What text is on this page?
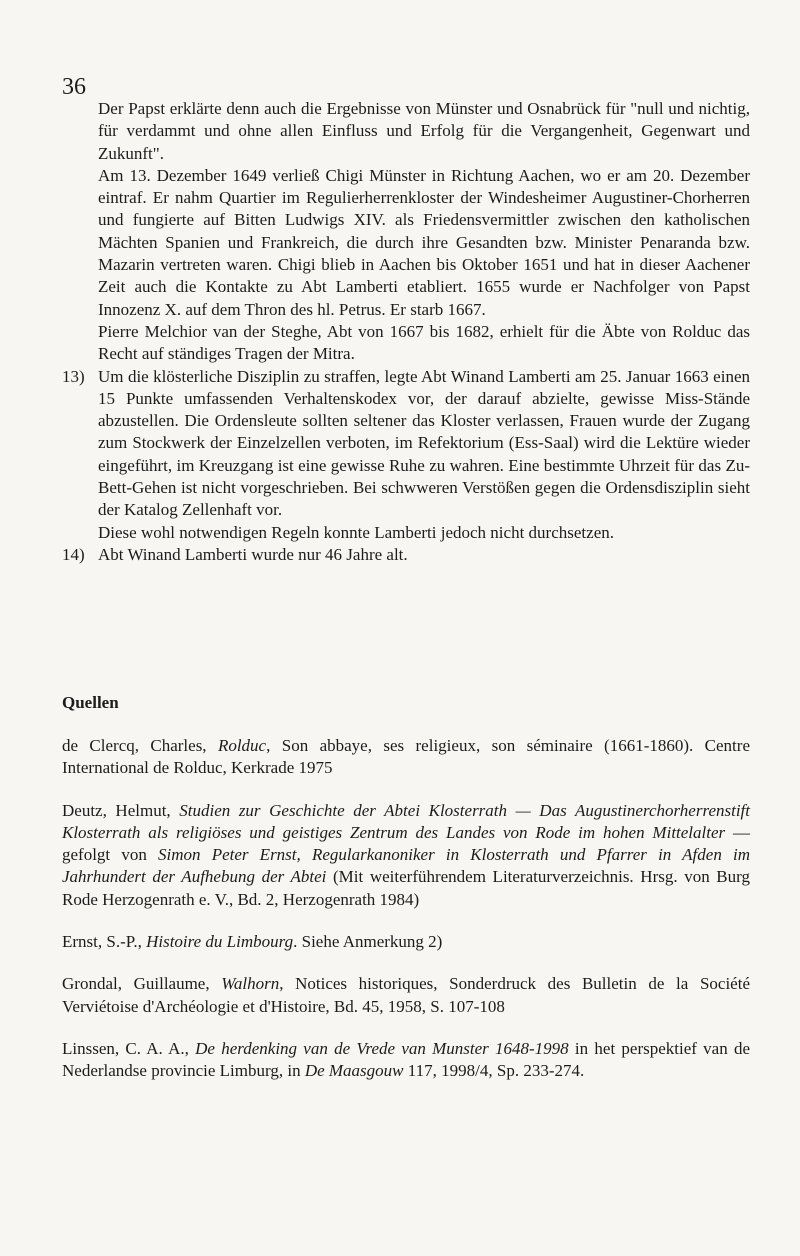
36
Der Papst erklärte denn auch die Ergebnisse von Münster und Osnabrück für "null und nichtig, für verdammt und ohne allen Einfluss und Erfolg für die Vergangenheit, Gegenwart und Zukunft".
Am 13. Dezember 1649 verließ Chigi Münster in Richtung Aachen, wo er am 20. Dezember eintraf. Er nahm Quartier im Regulierherrenkloster der Windesheimer Augustiner-Chorherren und fungierte auf Bitten Ludwigs XIV. als Friedensvermittler zwischen den katholischen Mächten Spanien und Frankreich, die durch ihre Gesandten bzw. Minister Penaranda bzw. Mazarin vertreten waren. Chigi blieb in Aachen bis Oktober 1651 und hat in dieser Aachener Zeit auch die Kontakte zu Abt Lamberti etabliert. 1655 wurde er Nachfolger von Papst Innozenz X. auf dem Thron des hl. Petrus. Er starb 1667.
Pierre Melchior van der Steghe, Abt von 1667 bis 1682, erhielt für die Äbte von Rolduc das Recht auf ständiges Tragen der Mitra.
13) Um die klösterliche Disziplin zu straffen, legte Abt Winand Lamberti am 25. Januar 1663 einen 15 Punkte umfassenden Verhaltenskodex vor, der darauf abzielte, gewisse Miss-Stände abzustellen. Die Ordensleute sollten seltener das Kloster verlassen, Frauen wurde der Zugang zum Stockwerk der Einzelzellen verboten, im Refektorium (Ess-Saal) wird die Lektüre wieder eingeführt, im Kreuzgang ist eine gewisse Ruhe zu wahren. Eine bestimmte Uhrzeit für das Zu-Bett-Gehen ist nicht vorgeschrieben. Bei schwweren Verstößen gegen die Ordensdisziplin sieht der Katalog Zellenhaft vor.
Diese wohl notwendigen Regeln konnte Lamberti jedoch nicht durchsetzen.
14) Abt Winand Lamberti wurde nur 46 Jahre alt.
Quellen
de Clercq, Charles, Rolduc, Son abbaye, ses religieux, son séminaire (1661-1860). Centre International de Rolduc, Kerkrade 1975
Deutz, Helmut, Studien zur Geschichte der Abtei Klosterrath — Das Augustinerchorherrenstift Klosterrath als religiöses und geistiges Zentrum des Landes von Rode im hohen Mittelalter — gefolgt von Simon Peter Ernst, Regularkanoniker in Klosterrath und Pfarrer in Afden im Jahrhundert der Aufhebung der Abtei (Mit weiterführendem Literaturverzeichnis. Hrsg. von Burg Rode Herzogenrath e. V., Bd. 2, Herzogenrath 1984)
Ernst, S.-P., Histoire du Limbourg. Siehe Anmerkung 2)
Grondal, Guillaume, Walhorn, Notices historiques, Sonderdruck des Bulletin de la Société Verviétoise d'Archéologie et d'Histoire, Bd. 45, 1958, S. 107-108
Linssen, C. A. A., De herdenking van de Vrede van Munster 1648-1998 in het perspektief van de Nederlandse provincie Limburg, in De Maasgouw 117, 1998/4, Sp. 233-274.
